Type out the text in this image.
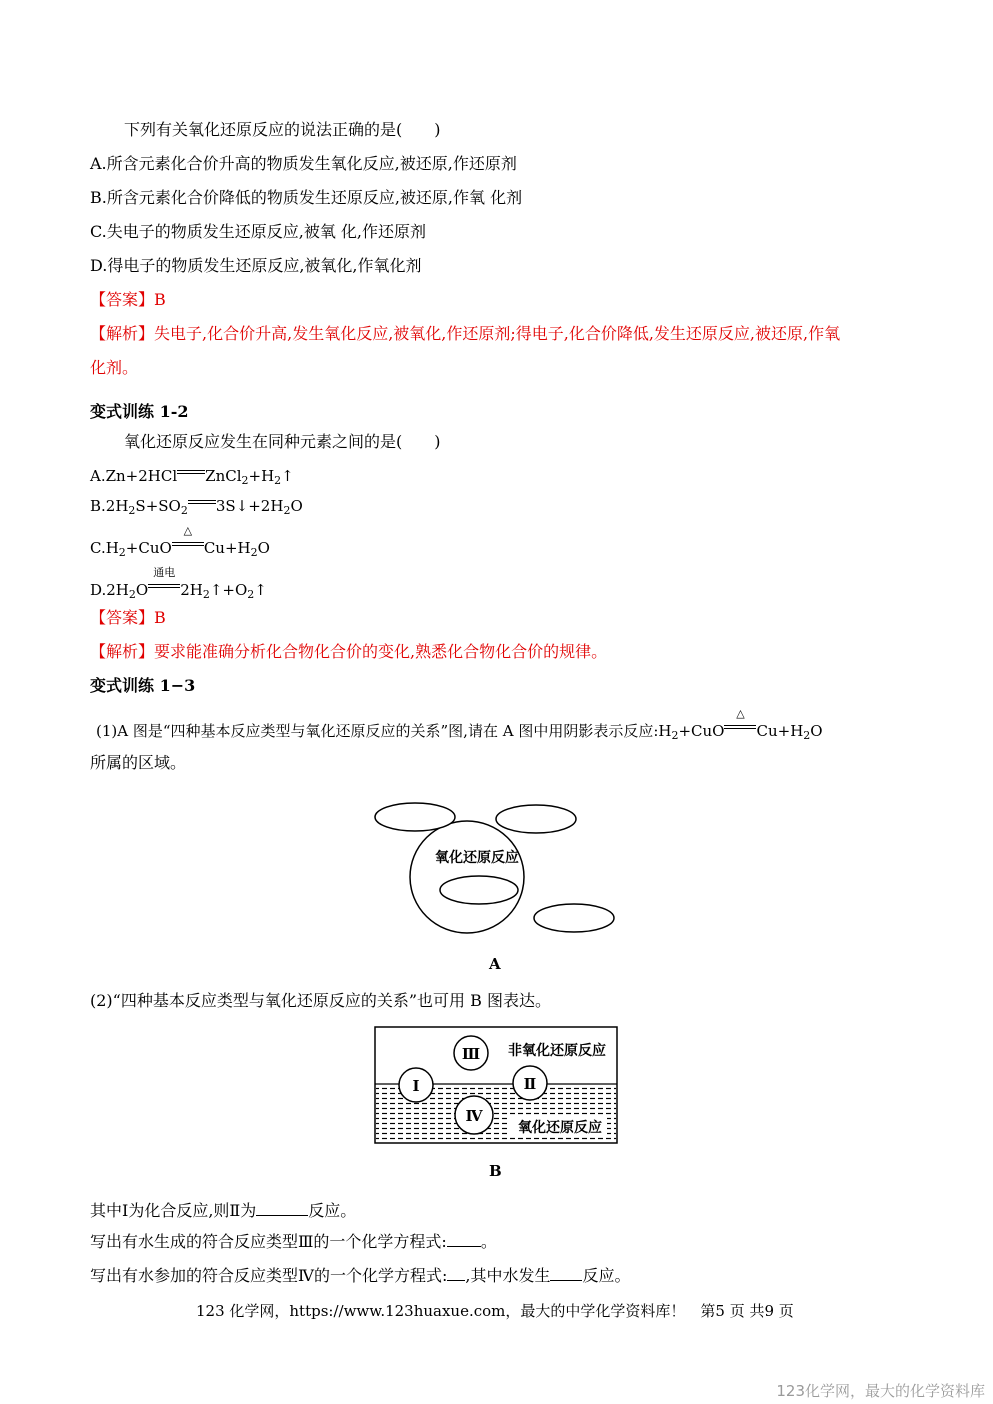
下列有关氧化还原反应的说法正确的是(　　)
A.所含元素化合价升高的物质发生氧化反应,被还原,作还原剂
B.所含元素化合价降低的物质发生还原反应,被还原,作氧 化剂
C.失电子的物质发生还原反应,被氧 化,作还原剂
D.得电子的物质发生还原反应,被氧化,作氧化剂
【答案】B
【解析】失电子,化合价升高,发生氧化反应,被氧化,作还原剂;得电子,化合价降低,发生还原反应,被还原,作氧
化剂。
变式训练 1-2
氧化还原反应发生在同种元素之间的是(　　)
A.Zn+2HCl $ZnCl_2+H_2↑$
$B.2H_2S+SO_2$ $3S↓+2H_2O$
$C.H_2+CuO$
△
$Cu+H_2O$
$D.2H_2O$
通电
$2H_2↑+O_2↑$
【答案】B
【解析】要求能准确分析化合物化合价的变化,熟悉化合物化合价的规律。
变式训练 1−3
(1)A 图是“四种基本反应类型与氧化还原反应的关系”图,请在 A 图中用阴影表示反应$:H_2+CuO$
△
$Cu+H_2O$
所属的区域。
氧化还原反应
A
(2)“四种基本反应类型与氧化还原反应的关系”也可用 B 图表达。
Ⅰ	Ⅱ
Ⅲ
Ⅳ
非氧化还原反应
氧化还原反应
B
其中Ⅰ为化合反应,则Ⅱ为	反应。
写出有水生成的符合反应类型Ⅲ的一个化学方程式: 。
写出有水参加的符合反应类型Ⅳ的一个化学方程式: ,其中水发生 反应。
123 化学网，https://www.123huaxue.com，最大的中学化学资料库！　第5 页 共9 页
123化学网，最大的化学资料库
